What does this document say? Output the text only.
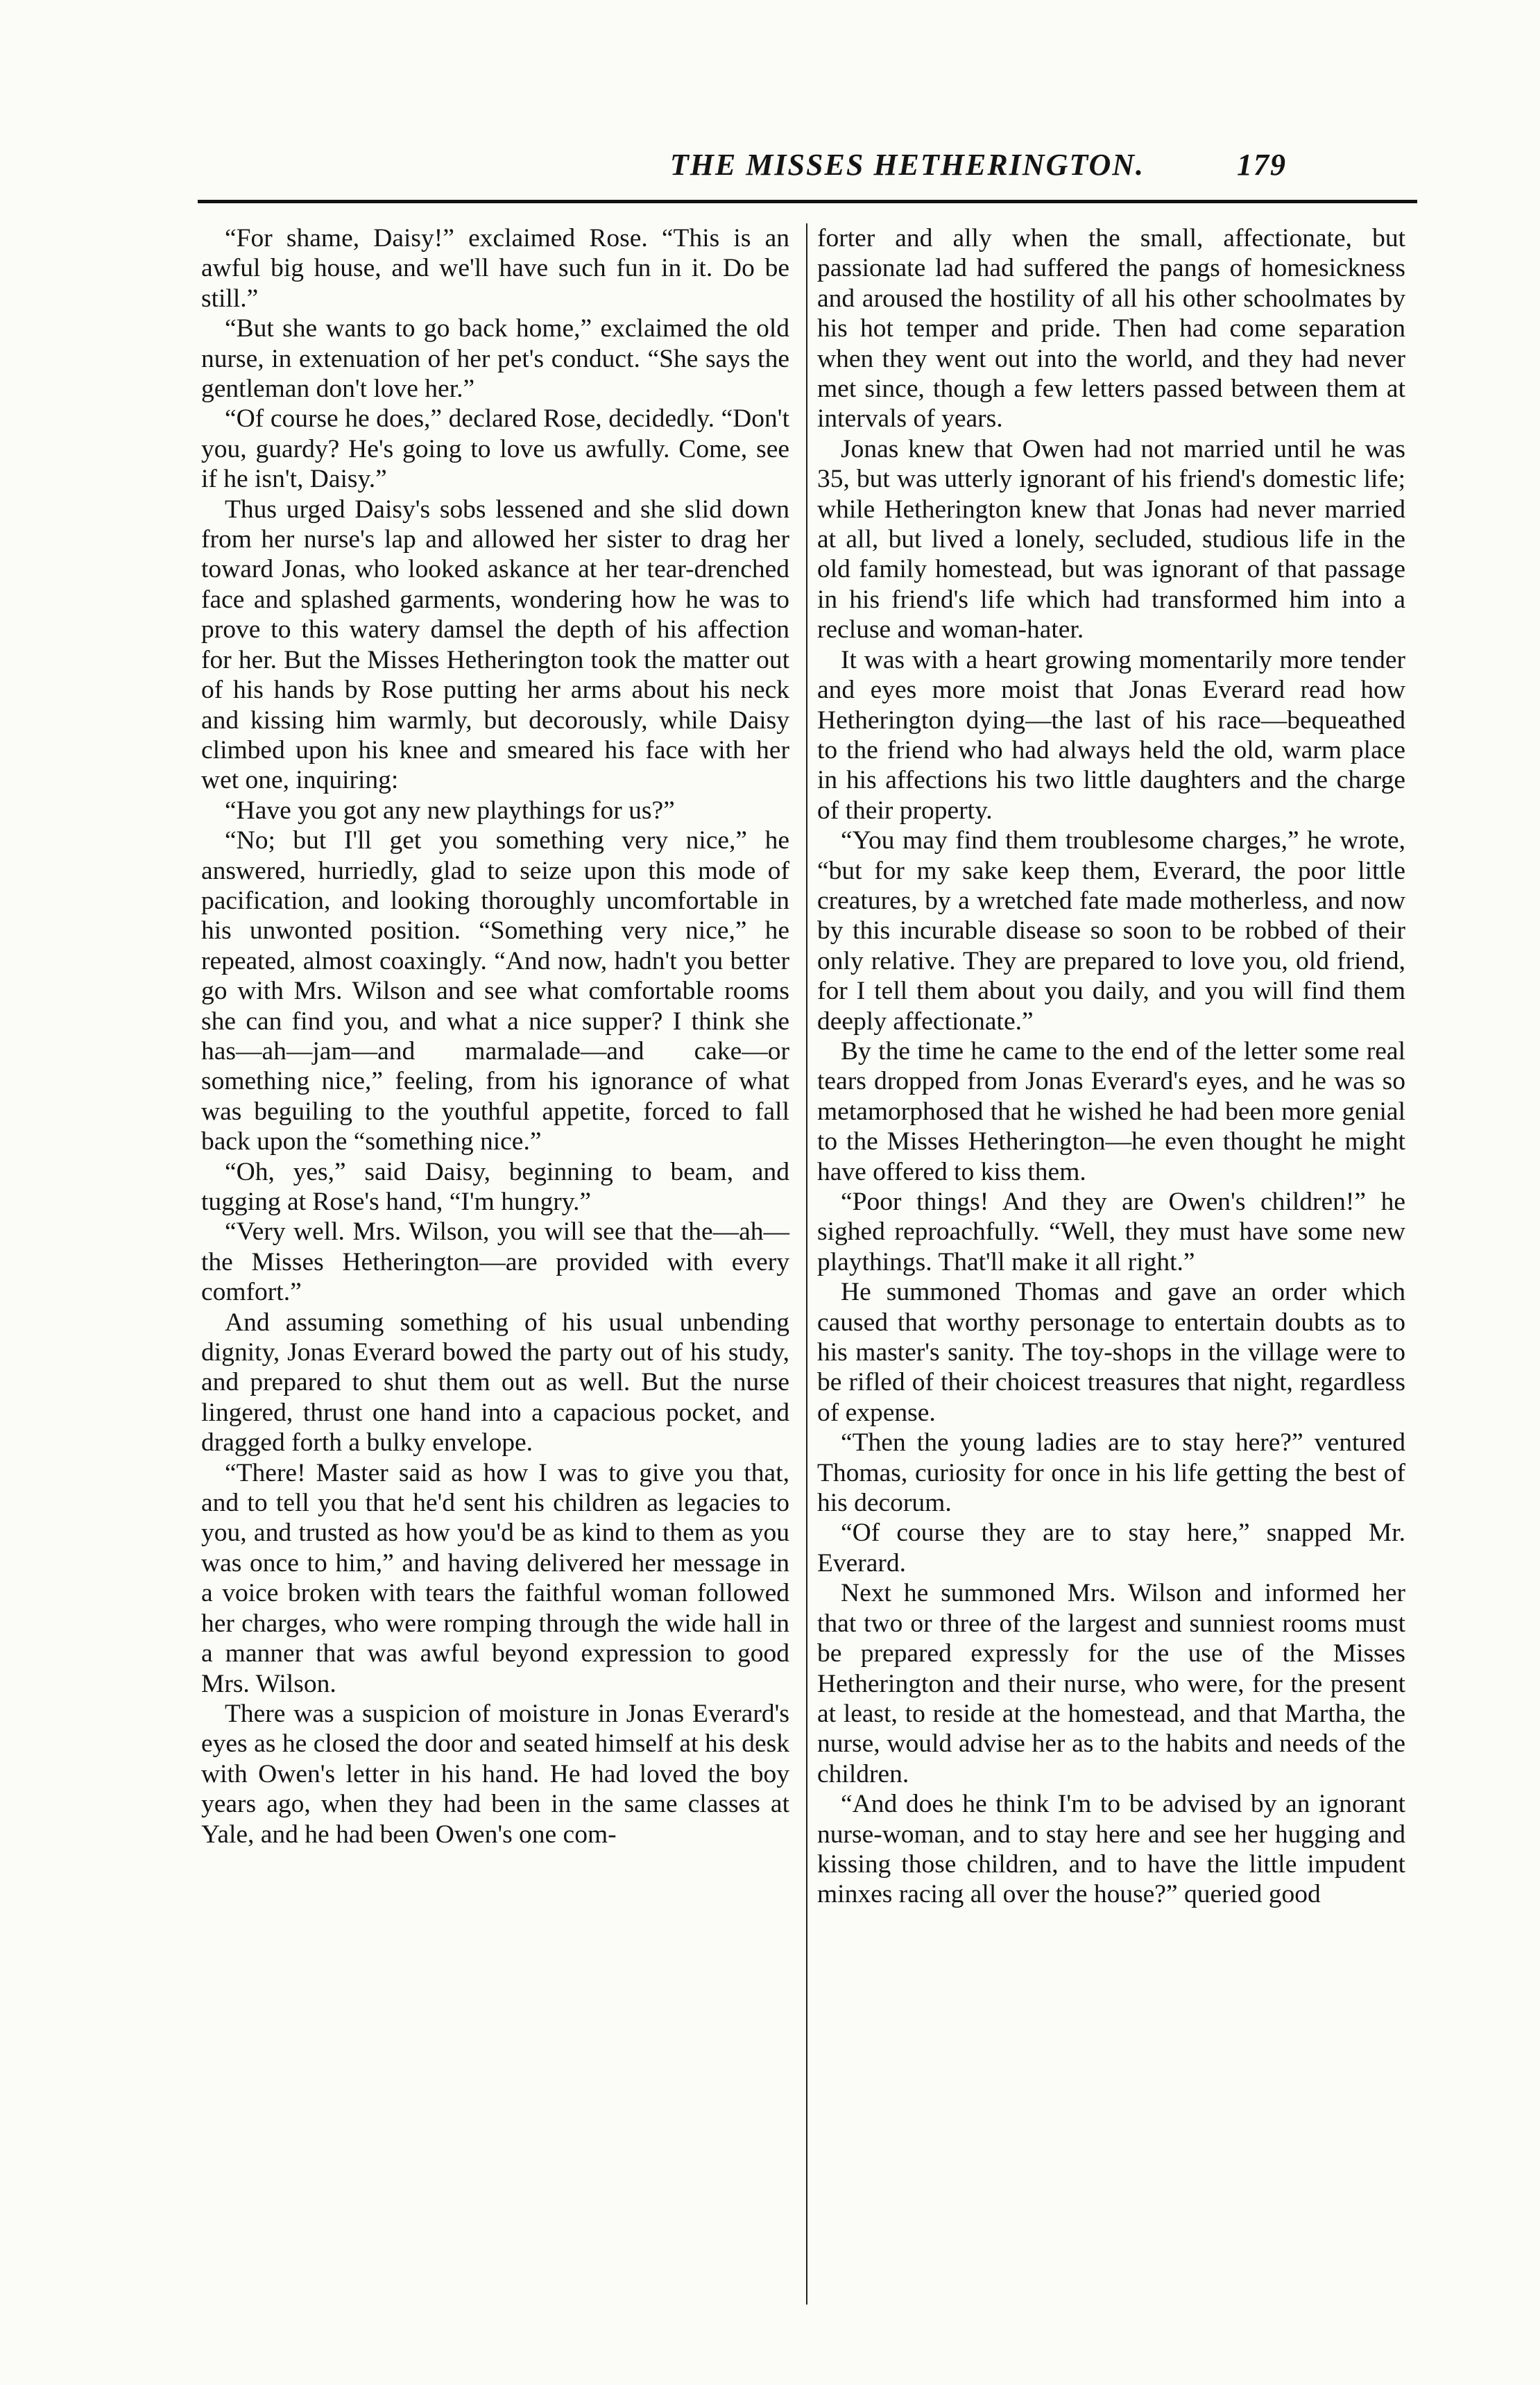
THE MISSES HETHERINGTON.	179

“For shame, Daisy!” exclaimed Rose. “This is an awful big house, and we'll have such fun in it. Do be still.”

“But she wants to go back home,” exclaimed the old nurse, in extenuation of her pet's conduct. “She says the gentleman don't love her.”

“Of course he does,” declared Rose, decidedly. “Don't you, guardy? He's going to love us awfully. Come, see if he isn't, Daisy.”

Thus urged Daisy's sobs lessened and she slid down from her nurse's lap and allowed her sister to drag her toward Jonas, who looked askance at her tear-drenched face and splashed garments, wondering how he was to prove to this watery damsel the depth of his affection for her. But the Misses Hetherington took the matter out of his hands by Rose putting her arms about his neck and kissing him warmly, but decorously, while Daisy climbed upon his knee and smeared his face with her wet one, inquiring:

“Have you got any new playthings for us?”

“No; but I'll get you something very nice,” he answered, hurriedly, glad to seize upon this mode of pacification, and looking thoroughly uncomfortable in his unwonted position. “Something very nice,” he repeated, almost coaxingly. “And now, hadn't you better go with Mrs. Wilson and see what comfortable rooms she can find you, and what a nice supper? I think she has—ah—jam—and marmalade—and cake—or something nice,” feeling, from his ignorance of what was beguiling to the youthful appetite, forced to fall back upon the “something nice.”

“Oh, yes,” said Daisy, beginning to beam, and tugging at Rose's hand, “I'm hungry.”

“Very well. Mrs. Wilson, you will see that the—ah—the Misses Hetherington—are provided with every comfort.”

And assuming something of his usual unbending dignity, Jonas Everard bowed the party out of his study, and prepared to shut them out as well. But the nurse lingered, thrust one hand into a capacious pocket, and dragged forth a bulky envelope.

“There! Master said as how I was to give you that, and to tell you that he'd sent his children as legacies to you, and trusted as how you'd be as kind to them as you was once to him,” and having delivered her message in a voice broken with tears the faithful woman followed her charges, who were romping through the wide hall in a manner that was awful beyond expression to good Mrs. Wilson.

There was a suspicion of moisture in Jonas Everard's eyes as he closed the door and seated himself at his desk with Owen's letter in his hand. He had loved the boy years ago, when they had been in the same classes at Yale, and he had been Owen's one com-

forter and ally when the small, affectionate, but passionate lad had suffered the pangs of homesickness and aroused the hostility of all his other schoolmates by his hot temper and pride. Then had come separation when they went out into the world, and they had never met since, though a few letters passed between them at intervals of years.

Jonas knew that Owen had not married until he was 35, but was utterly ignorant of his friend's domestic life; while Hetherington knew that Jonas had never married at all, but lived a lonely, secluded, studious life in the old family homestead, but was ignorant of that passage in his friend's life which had transformed him into a recluse and woman-hater.

It was with a heart growing momentarily more tender and eyes more moist that Jonas Everard read how Hetherington dying—the last of his race—bequeathed to the friend who had always held the old, warm place in his affections his two little daughters and the charge of their property.

“You may find them troublesome charges,” he wrote, “but for my sake keep them, Everard, the poor little creatures, by a wretched fate made motherless, and now by this incurable disease so soon to be robbed of their only relative. They are prepared to love you, old friend, for I tell them about you daily, and you will find them deeply affectionate.”

By the time he came to the end of the letter some real tears dropped from Jonas Everard's eyes, and he was so metamorphosed that he wished he had been more genial to the Misses Hetherington—he even thought he might have offered to kiss them.

“Poor things! And they are Owen's children!” he sighed reproachfully. “Well, they must have some new playthings. That'll make it all right.”

He summoned Thomas and gave an order which caused that worthy personage to entertain doubts as to his master's sanity. The toy-shops in the village were to be rifled of their choicest treasures that night, regardless of expense.

“Then the young ladies are to stay here?” ventured Thomas, curiosity for once in his life getting the best of his decorum.

“Of course they are to stay here,” snapped Mr. Everard.

Next he summoned Mrs. Wilson and informed her that two or three of the largest and sunniest rooms must be prepared expressly for the use of the Misses Hetherington and their nurse, who were, for the present at least, to reside at the homestead, and that Martha, the nurse, would advise her as to the habits and needs of the children.

“And does he think I'm to be advised by an ignorant nurse-woman, and to stay here and see her hugging and kissing those children, and to have the little impudent minxes racing all over the house?” queried good
